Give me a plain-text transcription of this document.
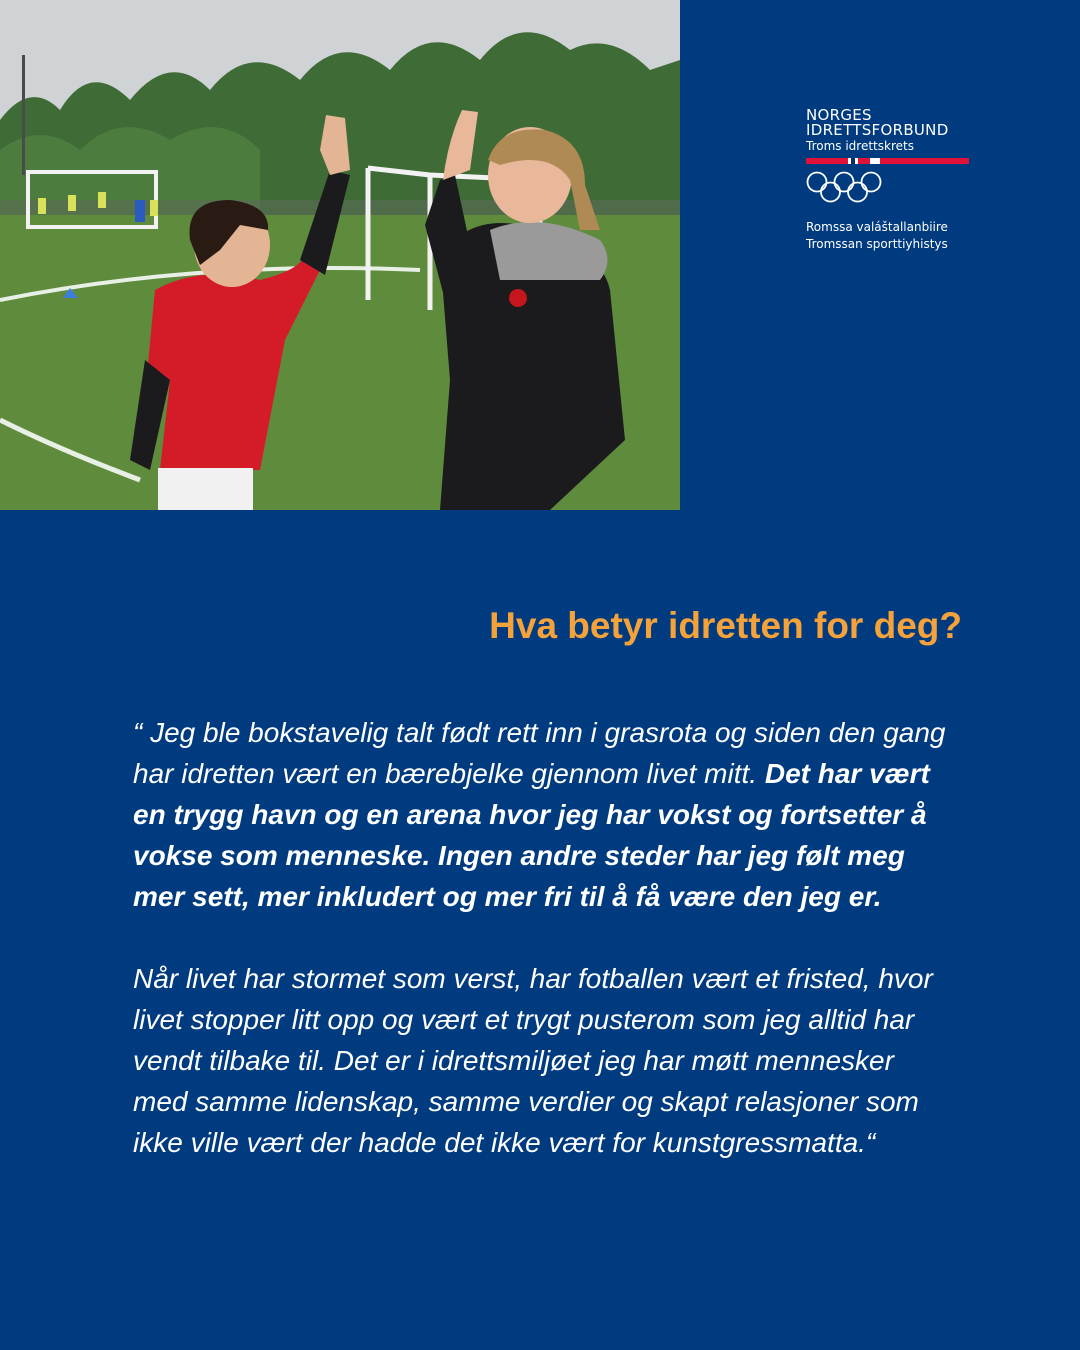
NORGES
IDRETTSFORBUND
Troms idrettskrets
Romssa valáštallanbiire
Tromssan sporttiyhistys
Hva betyr idretten for deg?

“ Jeg ble bokstavelig talt født rett inn i grasrota og siden den gang har idretten vært en bærebjelke gjennom livet mitt. Det har vært en trygg havn og en arena hvor jeg har vokst og fortsetter å vokse som menneske. Ingen andre steder har jeg følt meg mer sett, mer inkludert og mer fri til å få være den jeg er.

Når livet har stormet som verst, har fotballen vært et fristed, hvor livet stopper litt opp og vært et trygt pusterom som jeg alltid har vendt tilbake til. Det er i idrettsmiljøet jeg har møtt mennesker med samme lidenskap, samme verdier og skapt relasjoner som ikke ville vært der hadde det ikke vært for kunstgressmatta.“
